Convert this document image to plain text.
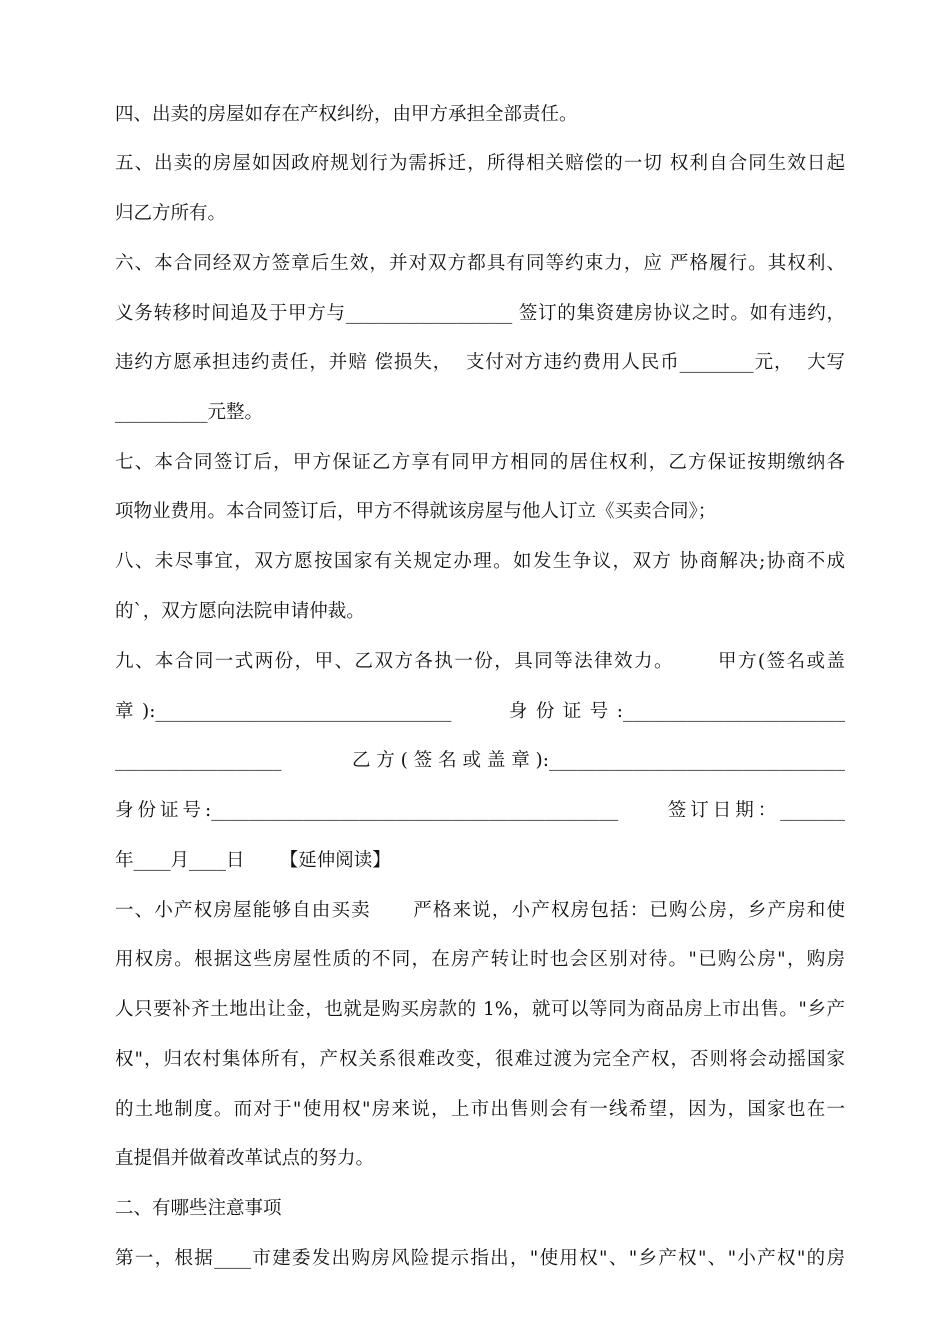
四、出卖的房屋如存在产权纠纷，由甲方承担全部责任。
五、出卖的房屋如因政府规划行为需拆迁，所得相关赔偿的一切 权利自合同生效日起
归乙方所有。
六、本合同经双方签章后生效，并对双方都具有同等约束力，应 严格履行。其权利、
义务转移时间追及于甲方与__________________ 签订的集资建房协议之时。如有违约，
违约方愿承担违约责任，并赔 偿损失，  支付对方违约费用人民币________元，  大写
__________元整。
七、本合同签订后，甲方保证乙方享有同甲方相同的居住权利，乙方保证按期缴纳各
项物业费用。本合同签订后，甲方不得就该房屋与他人订立《买卖合同》；
八、未尽事宜，双方愿按国家有关规定办理。如发生争议，双方 协商解决;协商不成
的`，双方愿向法院申请仲裁。
九、本合同一式两份，甲、乙双方各执一份，具同等法律效力。      甲方(签名或盖
章):________________________________    身份证号:________________________
__________________      乙方(签名或盖章):________________________________
身份证号:____________________________________________     签订日期：_______
年____月____日      【延伸阅读】
一、小产权房屋能够自由买卖      严格来说，小产权房包括：已购公房，乡产房和使
用权房。根据这些房屋性质的不同，在房产转让时也会区别对待。"已购公房"，购房
人只要补齐土地出让金，也就是购买房款的 1%，就可以等同为商品房上市出售。"乡产
权"，归农村集体所有，产权关系很难改变，很难过渡为完全产权，否则将会动摇国家
的土地制度。而对于"使用权"房来说，上市出售则会有一线希望，因为，国家也在一
直提倡并做着改革试点的努力。
二、有哪些注意事项
第一，根据____市建委发出购房风险提示指出，"使用权"、"乡产权"、"小产权"的房
